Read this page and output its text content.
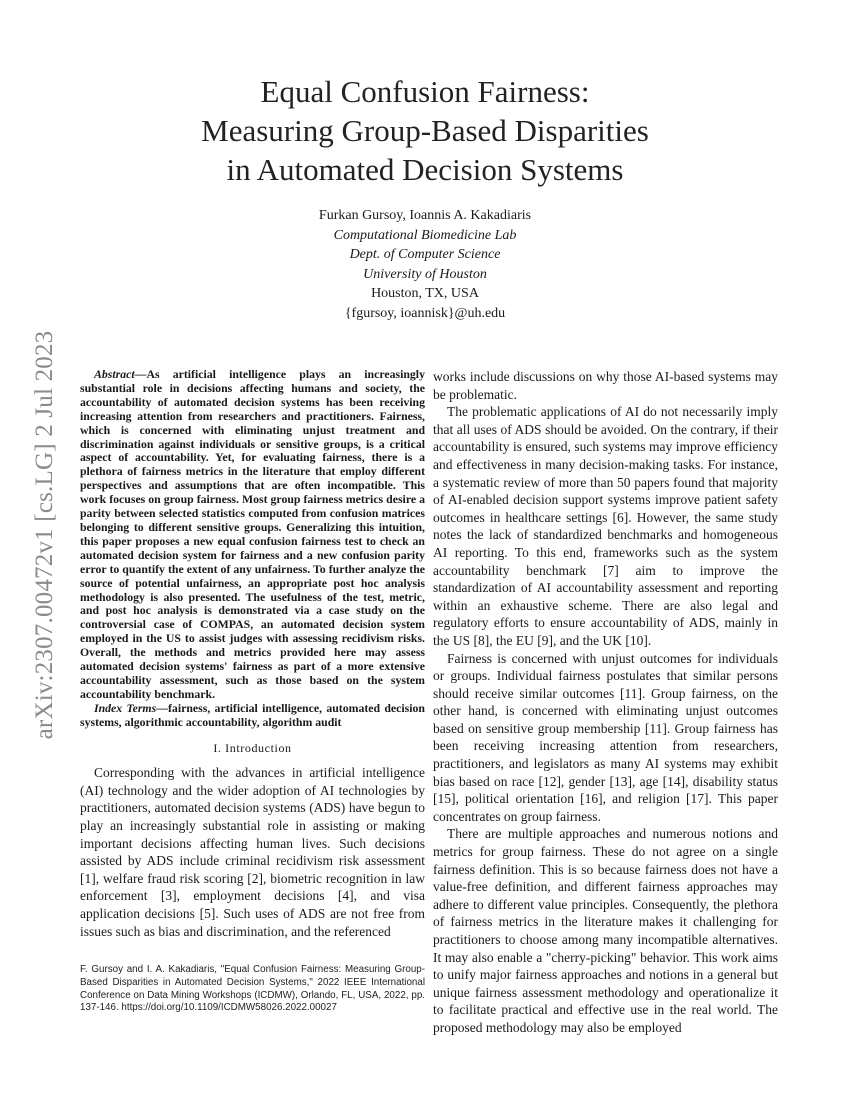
arXiv:2307.00472v1 [cs.LG] 2 Jul 2023
Equal Confusion Fairness:
Measuring Group-Based Disparities
in Automated Decision Systems
Furkan Gursoy, Ioannis A. Kakadiaris
Computational Biomedicine Lab
Dept. of Computer Science
University of Houston
Houston, TX, USA
{fgursoy, ioannisk}@uh.edu

Abstract—As artificial intelligence plays an increasingly substantial role in decisions affecting humans and society, the accountability of automated decision systems has been receiving increasing attention from researchers and practitioners. Fairness, which is concerned with eliminating unjust treatment and discrimination against individuals or sensitive groups, is a critical aspect of accountability. Yet, for evaluating fairness, there is a plethora of fairness metrics in the literature that employ different perspectives and assumptions that are often incompatible. This work focuses on group fairness. Most group fairness metrics desire a parity between selected statistics computed from confusion matrices belonging to different sensitive groups. Generalizing this intuition, this paper proposes a new equal confusion fairness test to check an automated decision system for fairness and a new confusion parity error to quantify the extent of any unfairness. To further analyze the source of potential unfairness, an appropriate post hoc analysis methodology is also presented. The usefulness of the test, metric, and post hoc analysis is demonstrated via a case study on the controversial case of COMPAS, an automated decision system employed in the US to assist judges with assessing recidivism risks. Overall, the methods and metrics provided here may assess automated decision systems' fairness as part of a more extensive accountability assessment, such as those based on the system accountability benchmark.

Index Terms—fairness, artificial intelligence, automated decision systems, algorithmic accountability, algorithm audit

I. Introduction

Corresponding with the advances in artificial intelligence (AI) technology and the wider adoption of AI technologies by practitioners, automated decision systems (ADS) have begun to play an increasingly substantial role in assisting or making important decisions affecting human lives. Such decisions assisted by ADS include criminal recidivism risk assessment [1], welfare fraud risk scoring [2], biometric recognition in law enforcement [3], employment decisions [4], and visa application decisions [5]. Such uses of ADS are not free from issues such as bias and discrimination, and the referenced

F. Gursoy and I. A. Kakadiaris, "Equal Confusion Fairness: Measuring Group-Based Disparities in Automated Decision Systems," 2022 IEEE International Conference on Data Mining Workshops (ICDMW), Orlando, FL, USA, 2022, pp. 137-146. https://doi.org/10.1109/ICDMW58026.2022.00027

works include discussions on why those AI-based systems may be problematic.

The problematic applications of AI do not necessarily imply that all uses of ADS should be avoided. On the contrary, if their accountability is ensured, such systems may improve efficiency and effectiveness in many decision-making tasks. For instance, a systematic review of more than 50 papers found that majority of AI-enabled decision support systems improve patient safety outcomes in healthcare settings [6]. However, the same study notes the lack of standardized benchmarks and homogeneous AI reporting. To this end, frameworks such as the system accountability benchmark [7] aim to improve the standardization of AI accountability assessment and reporting within an exhaustive scheme. There are also legal and regulatory efforts to ensure accountability of ADS, mainly in the US [8], the EU [9], and the UK [10].

Fairness is concerned with unjust outcomes for individuals or groups. Individual fairness postulates that similar persons should receive similar outcomes [11]. Group fairness, on the other hand, is concerned with eliminating unjust outcomes based on sensitive group membership [11]. Group fairness has been receiving increasing attention from researchers, practitioners, and legislators as many AI systems may exhibit bias based on race [12], gender [13], age [14], disability status [15], political orientation [16], and religion [17]. This paper concentrates on group fairness.

There are multiple approaches and numerous notions and metrics for group fairness. These do not agree on a single fairness definition. This is so because fairness does not have a value-free definition, and different fairness approaches may adhere to different value principles. Consequently, the plethora of fairness metrics in the literature makes it challenging for practitioners to choose among many incompatible alternatives. It may also enable a "cherry-picking" behavior. This work aims to unify major fairness approaches and notions in a general but unique fairness assessment methodology and operationalize it to facilitate practical and effective use in the real world. The proposed methodology may also be employed
